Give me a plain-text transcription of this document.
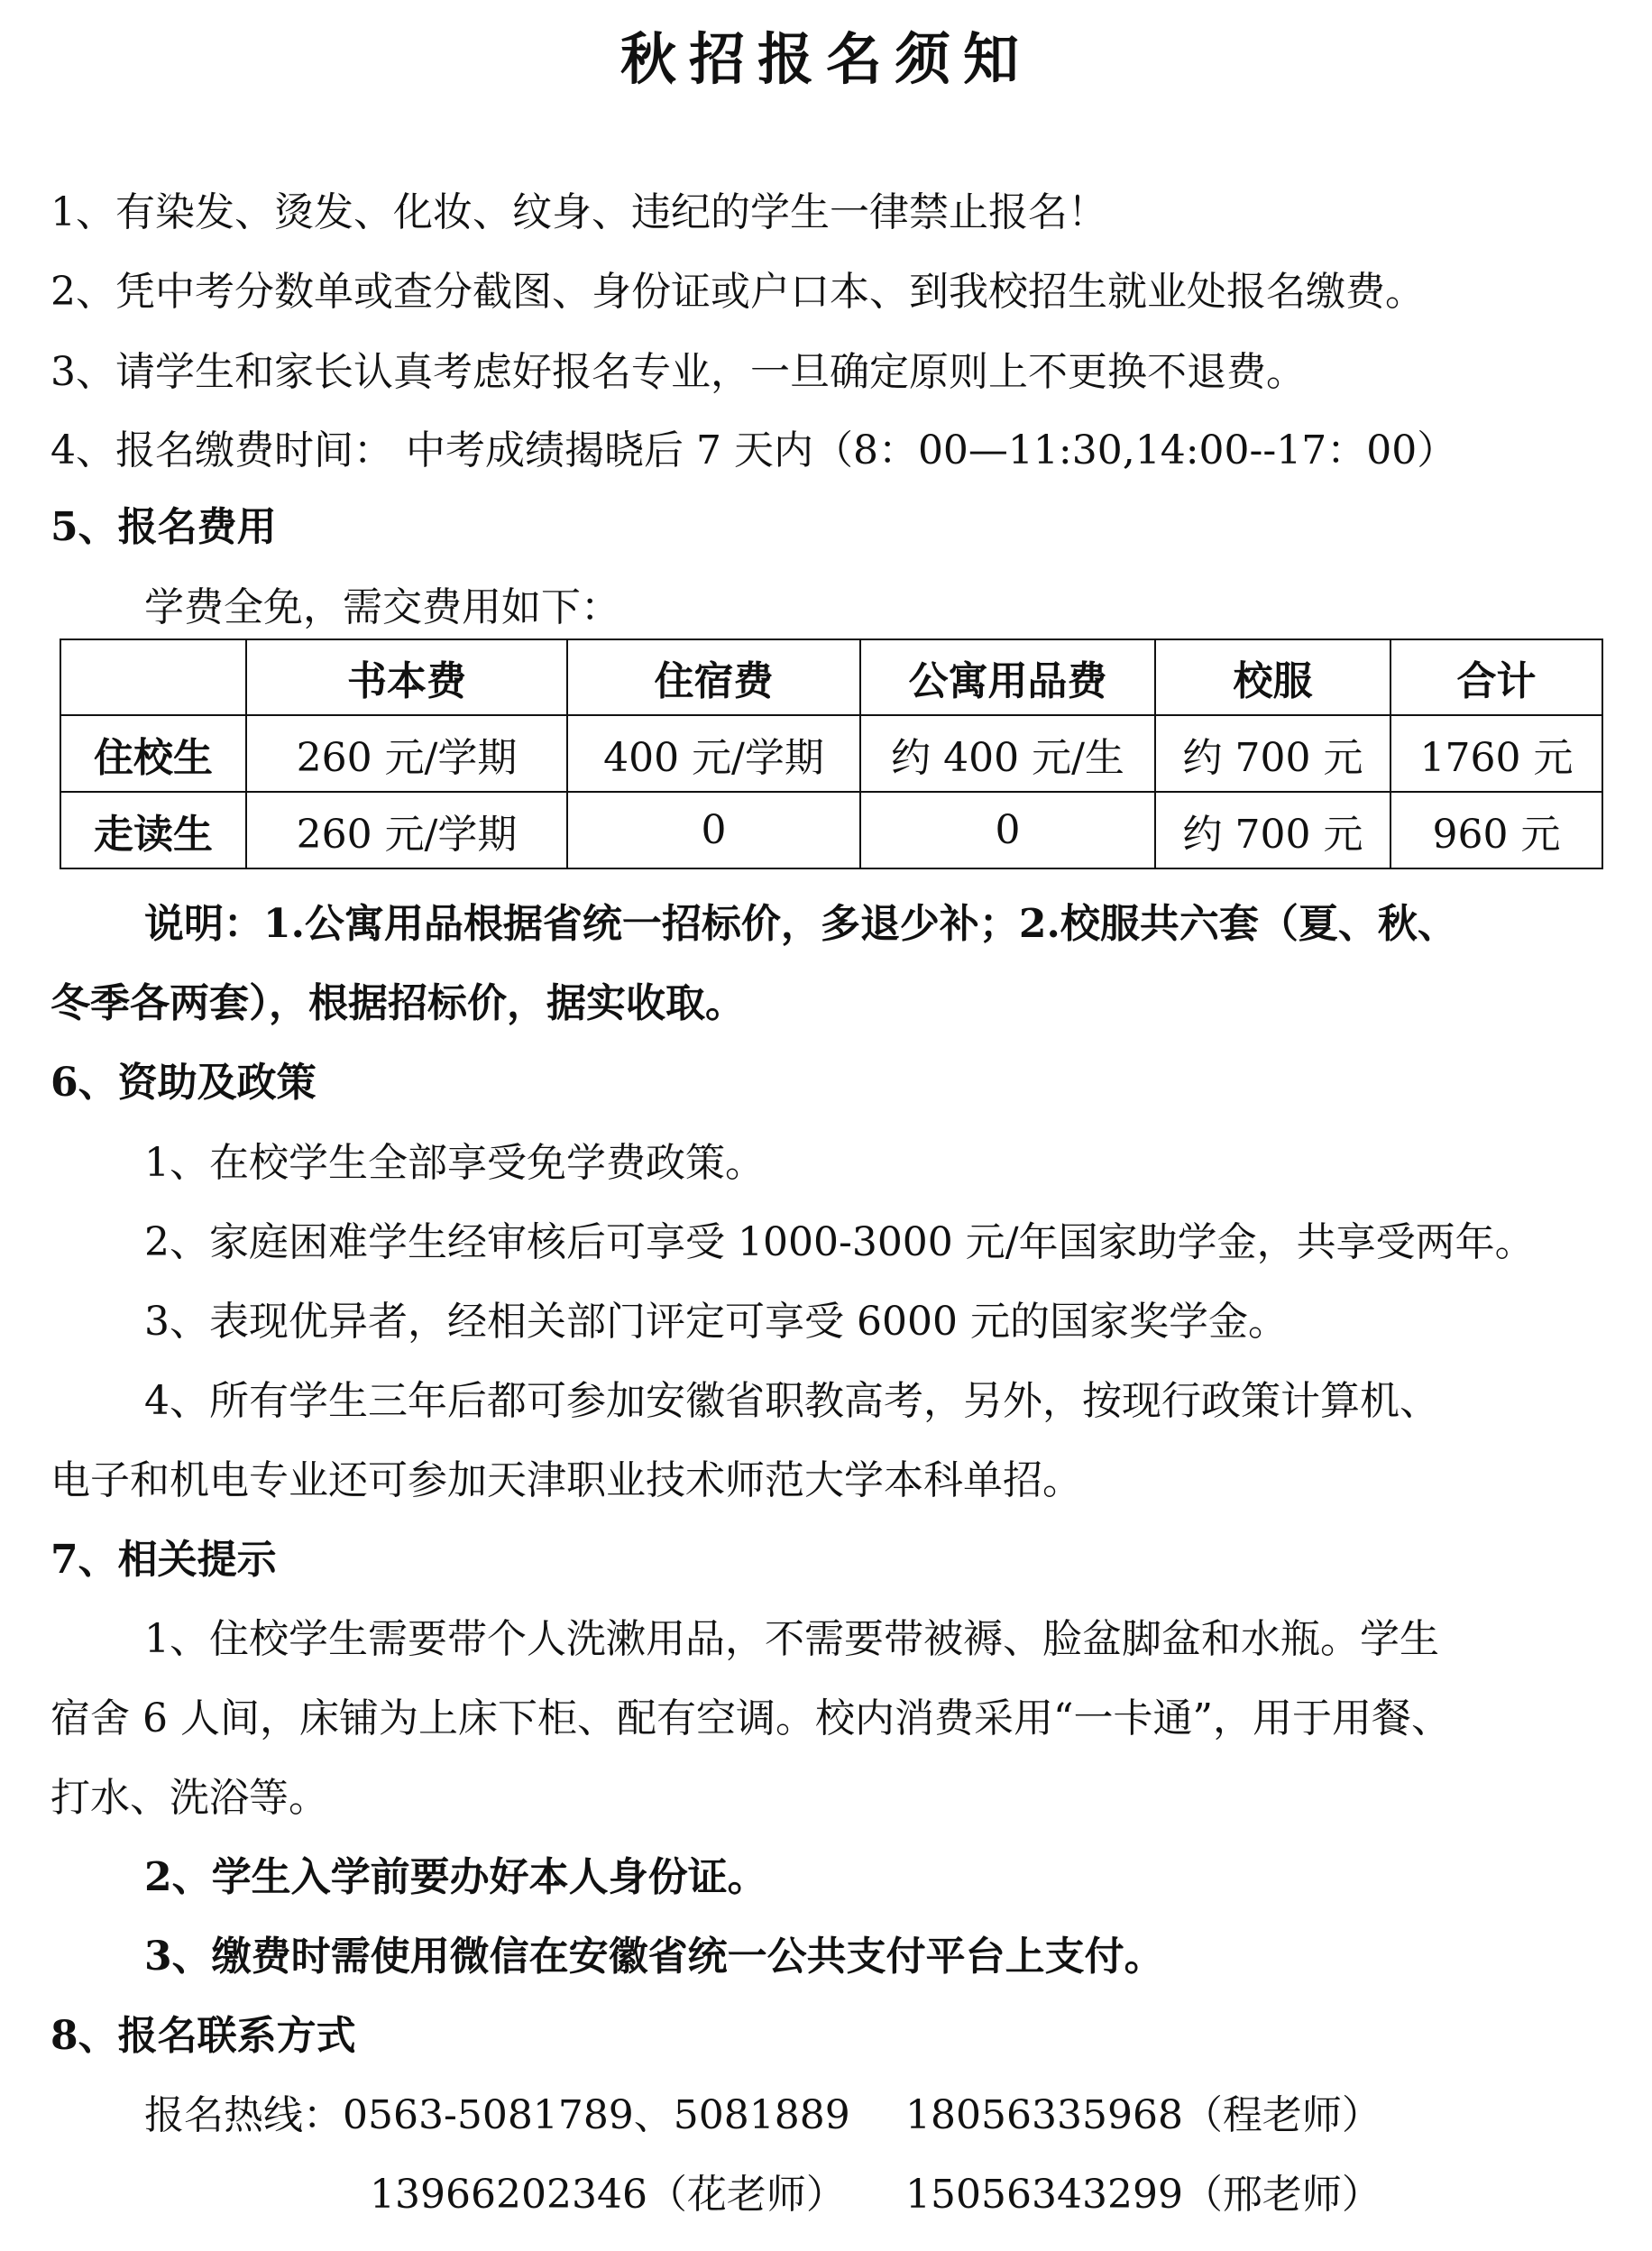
秋招报名须知
1、有染发、烫发、化妆、纹身、违纪的学生一律禁止报名！
2、凭中考分数单或查分截图、身份证或户口本、到我校招生就业处报名缴费。
3、请学生和家长认真考虑好报名专业，一旦确定原则上不更换不退费。
4、报名缴费时间： 中考成绩揭晓后 7 天内（8：00—11:30,14:00--17：00）
5、报名费用
学费全免，需交费用如下：
	书本费	住宿费	公寓用品费	校服	合计
住校生	260 元/学期	400 元/学期	约 400 元/生	约 700 元	1760 元
走读生	260 元/学期	0	0	约 700 元	960 元
说明：1.公寓用品根据省统一招标价，多退少补；2.校服共六套（夏、秋、
冬季各两套），根据招标价，据实收取。
6、资助及政策
1、在校学生全部享受免学费政策。
2、家庭困难学生经审核后可享受 1000-3000 元/年国家助学金，共享受两年。
3、表现优异者，经相关部门评定可享受 6000 元的国家奖学金。
4、所有学生三年后都可参加安徽省职教高考，另外，按现行政策计算机、
电子和机电专业还可参加天津职业技术师范大学本科单招。
7、相关提示
1、住校学生需要带个人洗漱用品，不需要带被褥、脸盆脚盆和水瓶。学生
宿舍 6 人间，床铺为上床下柜、配有空调。校内消费采用“一卡通”，用于用餐、
打水、洗浴等。
2、学生入学前要办好本人身份证。
3、缴费时需使用微信在安徽省统一公共支付平台上支付。
8、报名联系方式
报名热线：0563-5081789、5081889 18056335968（程老师）
13966202346（花老师） 15056343299（邢老师）
